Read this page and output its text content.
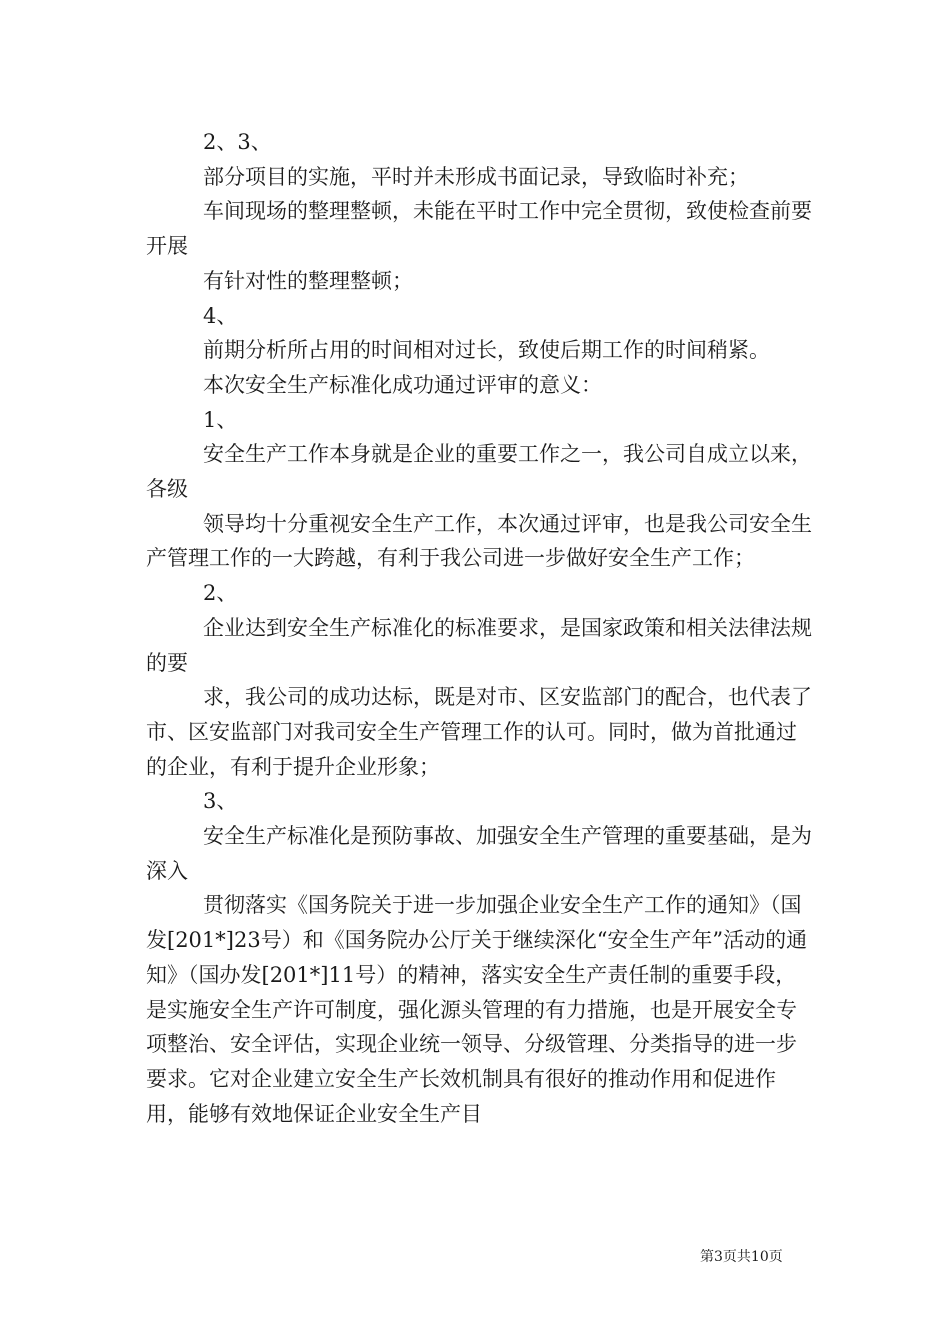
2、3、

部分项目的实施，平时并未形成书面记录，导致临时补充；

车间现场的整理整顿，未能在平时工作中完全贯彻，致使检查前要开展

有针对性的整理整顿；

4、

前期分析所占用的时间相对过长，致使后期工作的时间稍紧。

本次安全生产标准化成功通过评审的意义：

1、

安全生产工作本身就是企业的重要工作之一，我公司自成立以来，各级

领导均十分重视安全生产工作，本次通过评审，也是我公司安全生产管理工作的一大跨越，有利于我公司进一步做好安全生产工作；

2、

企业达到安全生产标准化的标准要求，是国家政策和相关法律法规的要

求，我公司的成功达标，既是对市、区安监部门的配合，也代表了市、区安监部门对我司安全生产管理工作的认可。同时，做为首批通过的企业，有利于提升企业形象；

3、

安全生产标准化是预防事故、加强安全生产管理的重要基础，是为深入

贯彻落实《国务院关于进一步加强企业安全生产工作的通知》（国发[201*]23号）和《国务院办公厅关于继续深化“安全生产年”活动的通知》（国办发[201*]11号）的精神，落实安全生产责任制的重要手段，是实施安全生产许可制度，强化源头管理的有力措施，也是开展安全专项整治、安全评估，实现企业统一领导、分级管理、分类指导的进一步要求。它对企业建立安全生产长效机制具有很好的推动作用和促进作用，能够有效地保证企业安全生产目

第3页共10页
